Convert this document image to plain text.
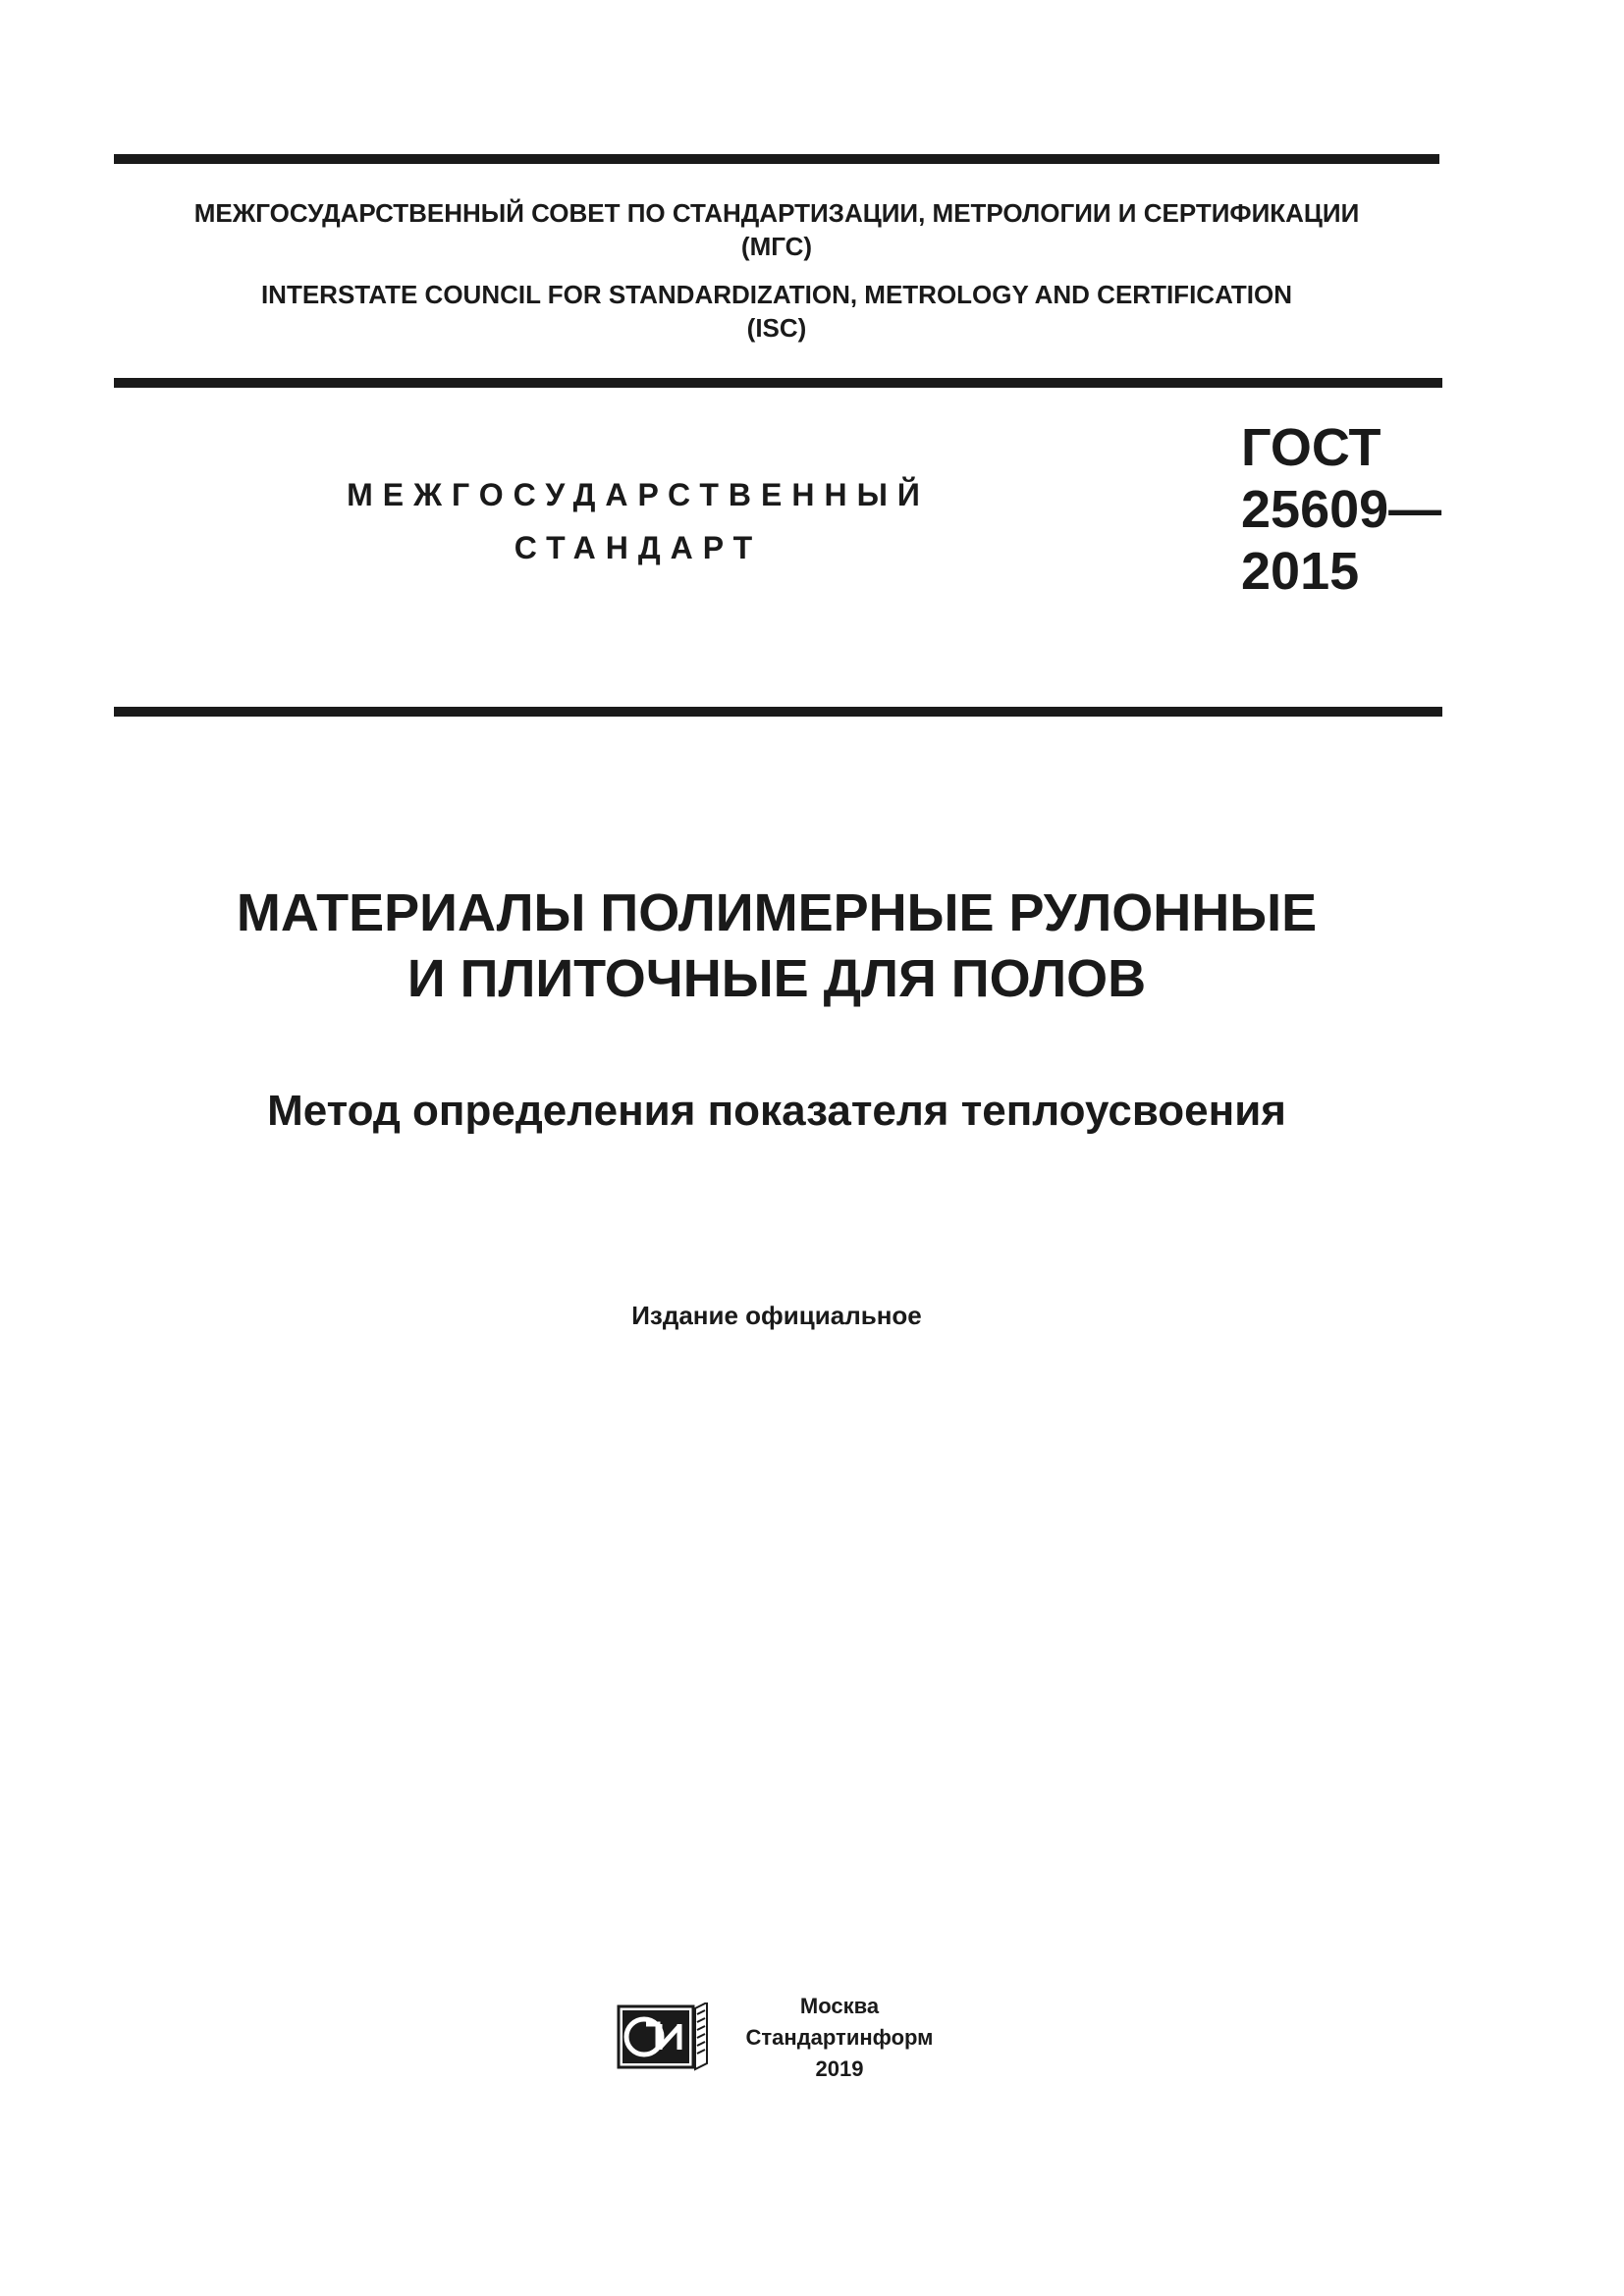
МЕЖГОСУДАРСТВЕННЫЙ СОВЕТ ПО СТАНДАРТИЗАЦИИ, МЕТРОЛОГИИ И СЕРТИФИКАЦИИ
(МГС)
INTERSTATE COUNCIL FOR STANDARDIZATION, METROLOGY AND CERTIFICATION
(ISC)
МЕЖГОСУДАРСТВЕННЫЙ
СТАНДАРТ
ГОСТ
25609—
2015
МАТЕРИАЛЫ ПОЛИМЕРНЫЕ РУЛОННЫЕ
И ПЛИТОЧНЫЕ ДЛЯ ПОЛОВ
Метод определения показателя теплоусвоения
Издание официальное
Москва
Стандартинформ
2019
